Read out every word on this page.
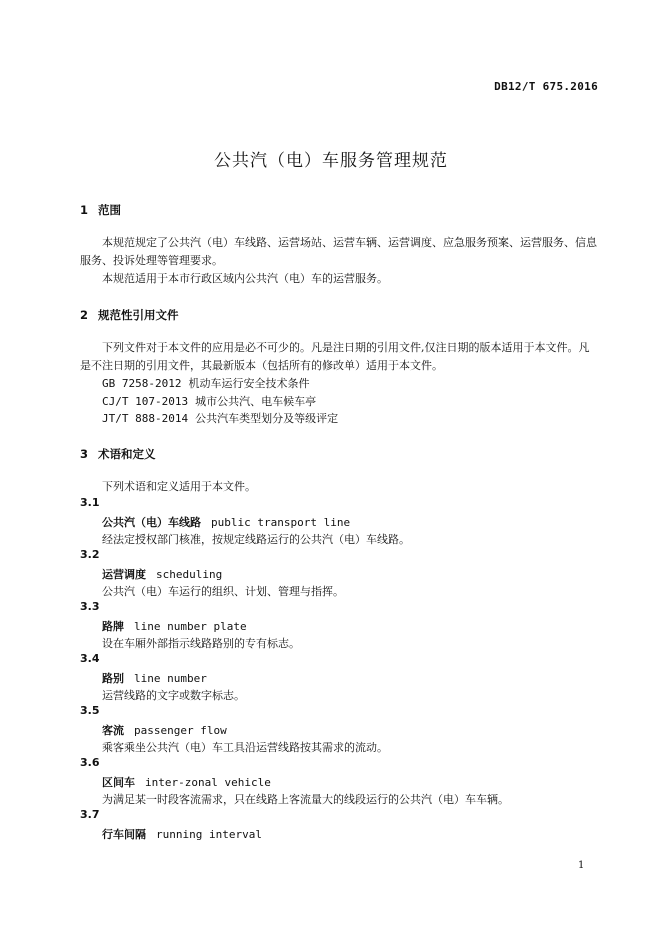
DB12/T 675.2016
公共汽（电）车服务管理规范
1 范围
　　本规范规定了公共汽（电）车线路、运营场站、运营车辆、运营调度、应急服务预案、运营服务、信息服务、投诉处理等管理要求。
本规范适用于本市行政区域内公共汽（电）车的运营服务。
2 规范性引用文件
　　下列文件对于本文件的应用是必不可少的。凡是注日期的引用文件,仅注日期的版本适用于本文件。凡是不注日期的引用文件，其最新版本（包括所有的修改单）适用于本文件。
GB 7258-2012 机动车运行安全技术条件
CJ/T 107-2013 城市公共汽、电车候车亭
JT/T 888-2014 公共汽车类型划分及等级评定
3 术语和定义
下列术语和定义适用于本文件。
3.1
公共汽（电）车线路 public transport line
经法定授权部门核准，按规定线路运行的公共汽（电）车线路。
3.2
运营调度 scheduling
公共汽（电）车运行的组织、计划、管理与指挥。
3.3
路牌 line number plate
设在车厢外部指示线路路别的专有标志。
3.4
路别 line number
运营线路的文字或数字标志。
3.5
客流 passenger flow
乘客乘坐公共汽（电）车工具沿运营线路按其需求的流动。
3.6
区间车 inter-zonal vehicle
为满足某一时段客流需求，只在线路上客流量大的线段运行的公共汽（电）车车辆。
3.7
行车间隔 running interval
1
